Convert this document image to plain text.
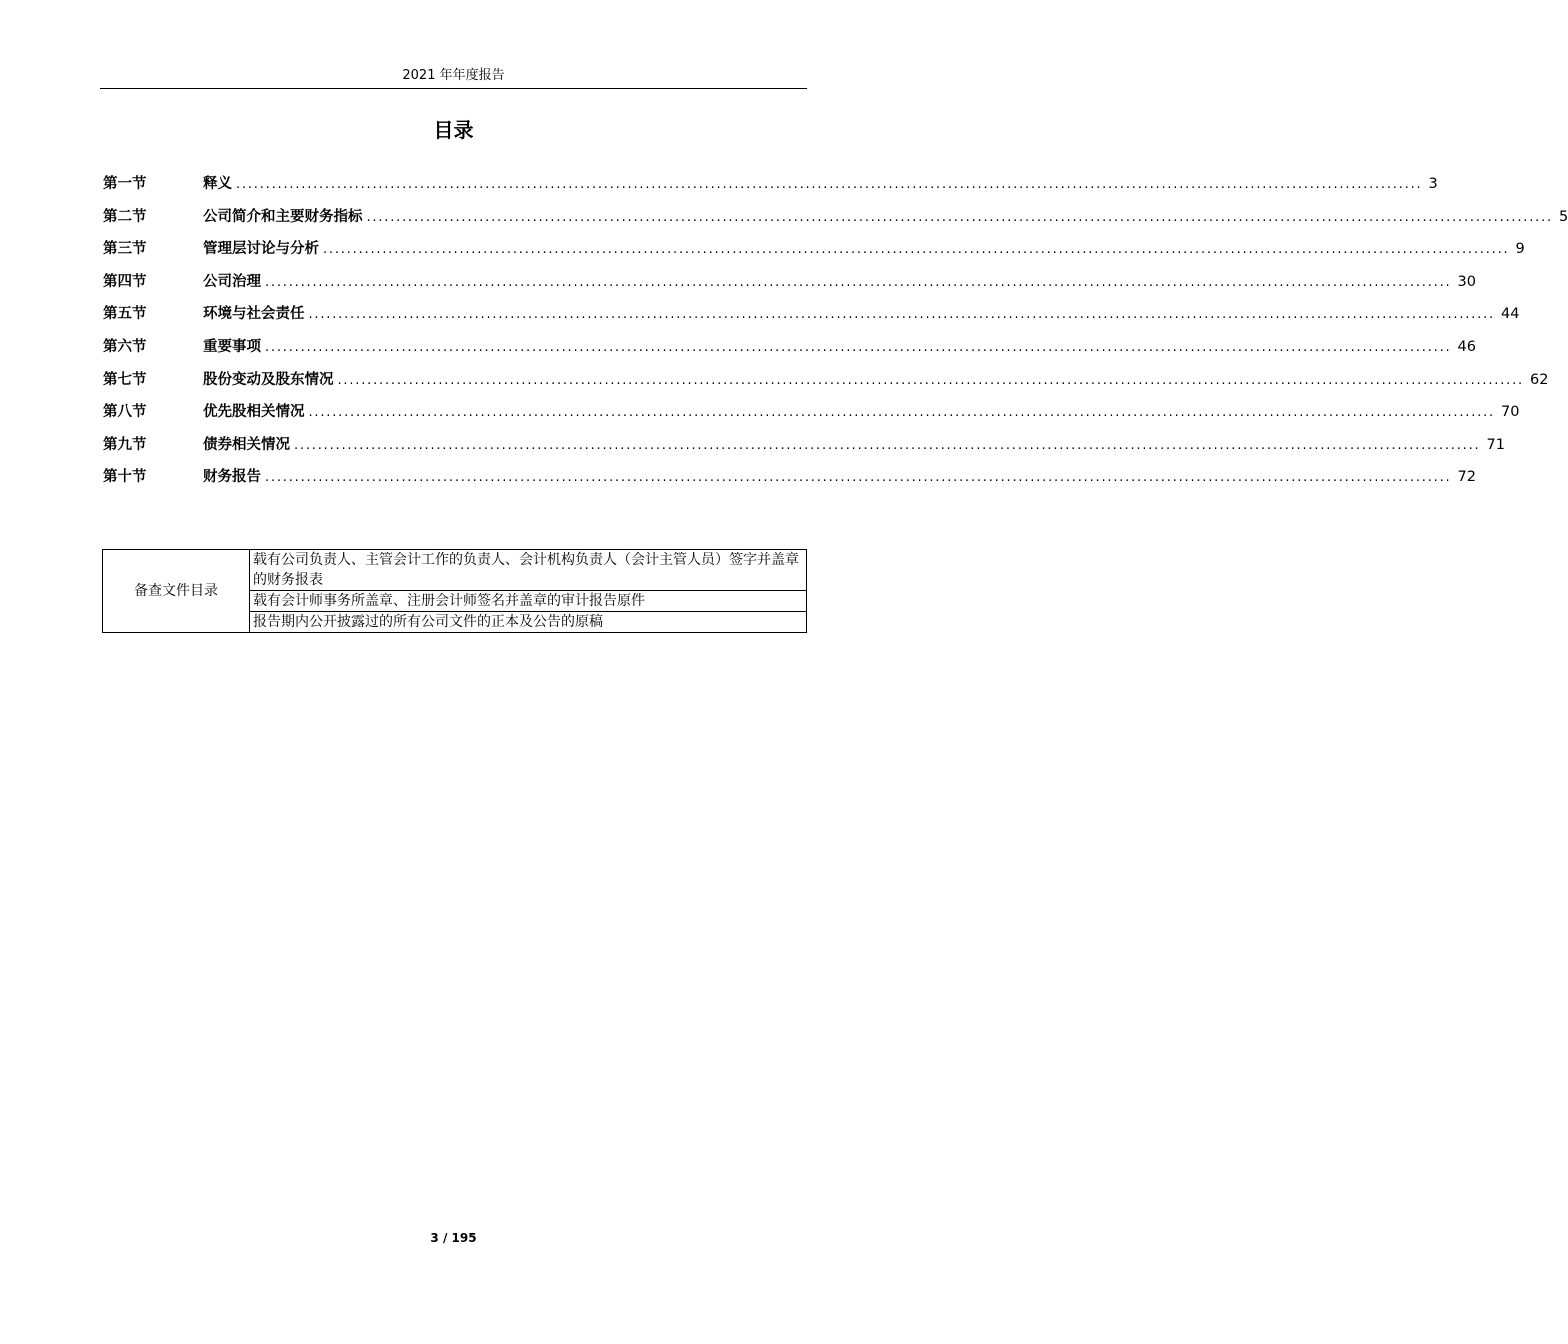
2021 年年度报告
目录
第一节	释义 ........................................................................................................................................................................................................ 3
第二节	公司简介和主要财务指标 ........................................................................................................................................................................................................ 5
第三节	管理层讨论与分析 ........................................................................................................................................................................................................ 9
第四节	公司治理 ........................................................................................................................................................................................................ 30
第五节	环境与社会责任 ........................................................................................................................................................................................................ 44
第六节	重要事项 ........................................................................................................................................................................................................ 46
第七节	股份变动及股东情况 ........................................................................................................................................................................................................ 62
第八节	优先股相关情况 ........................................................................................................................................................................................................ 70
第九节	债券相关情况 ........................................................................................................................................................................................................ 71
第十节	财务报告 ........................................................................................................................................................................................................ 72
备查文件目录	载有公司负责人、主管会计工作的负责人、会计机构负责人（会计主管人员）签字并盖章的财务报表
载有会计师事务所盖章、注册会计师签名并盖章的审计报告原件
报告期内公开披露过的所有公司文件的正本及公告的原稿
3 / 195
